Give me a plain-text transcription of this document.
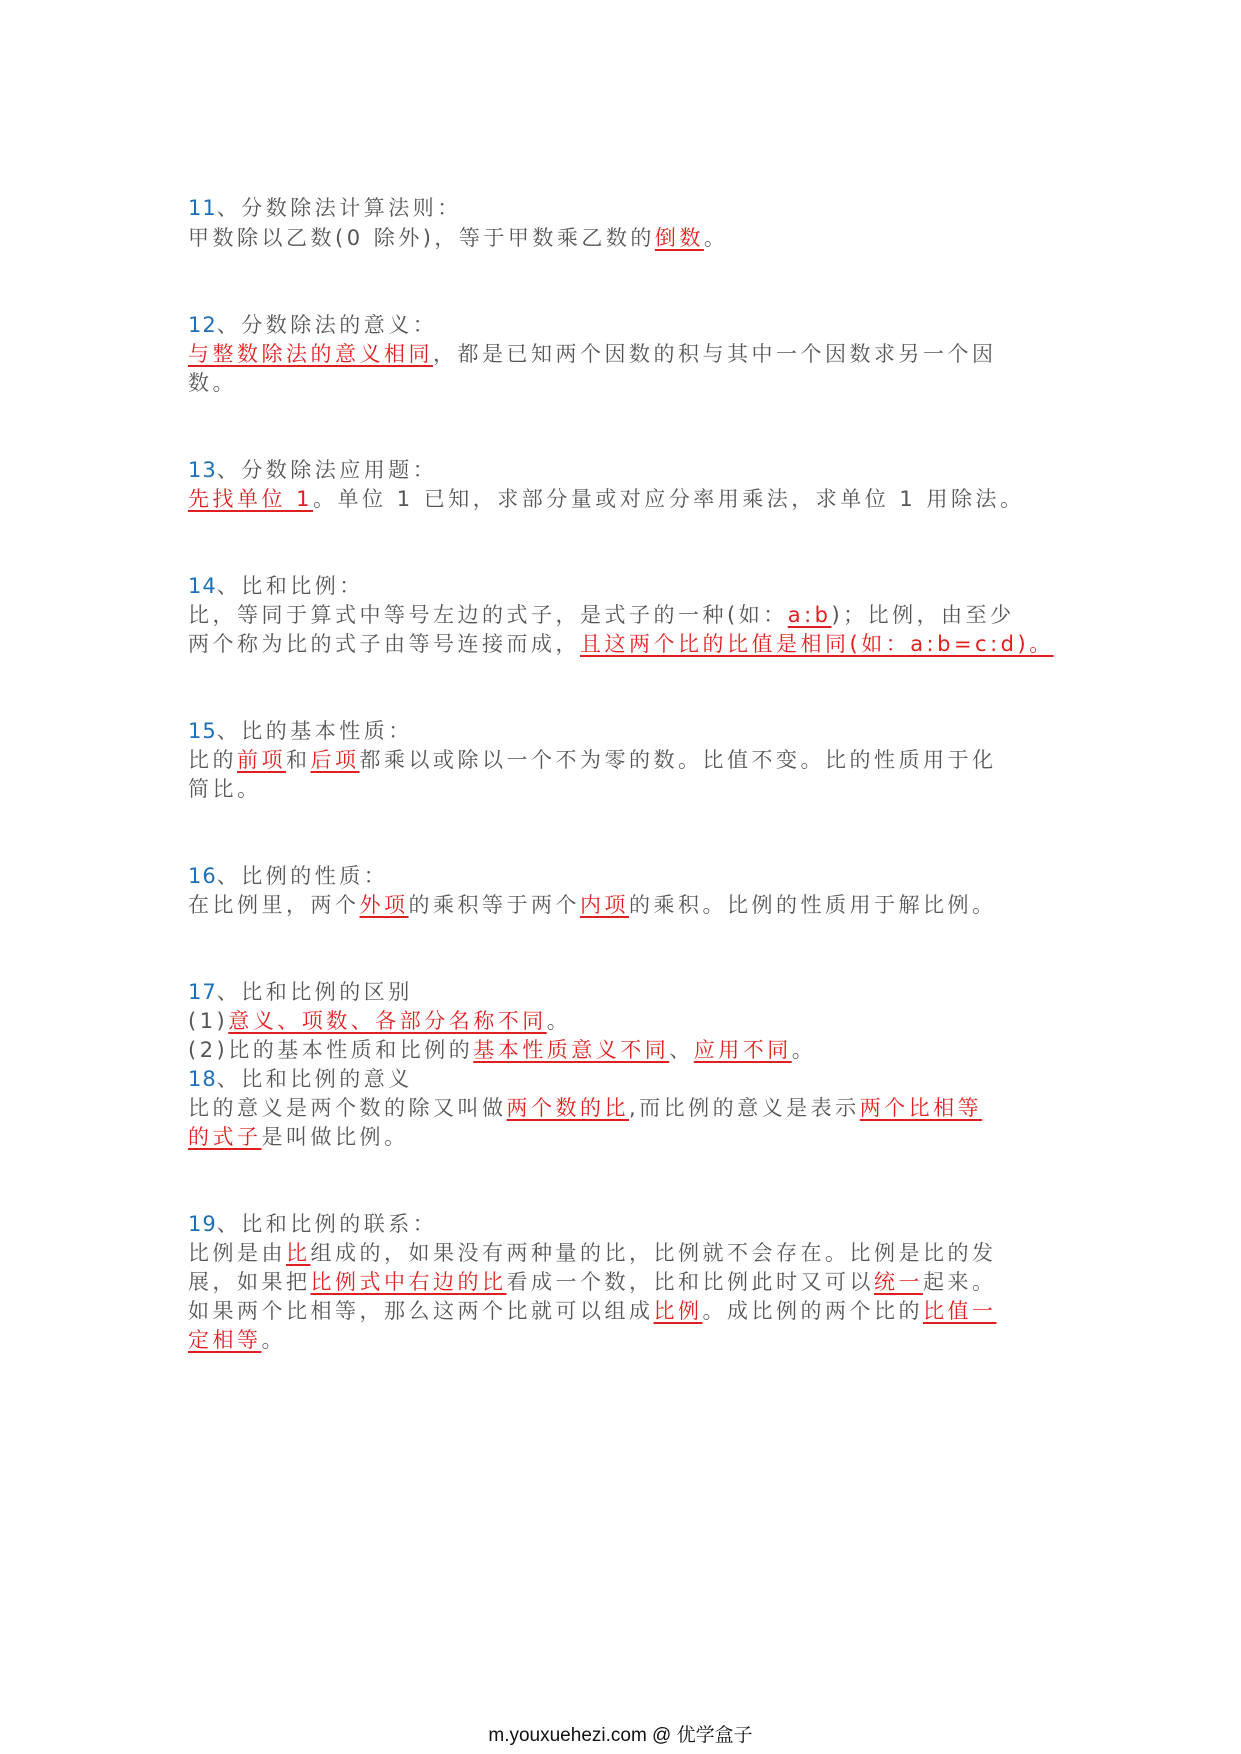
11、分数除法计算法则：
甲数除以乙数(0 除外)，等于甲数乘乙数的倒数。
12、分数除法的意义：
与整数除法的意义相同，都是已知两个因数的积与其中一个因数求另一个因
数。
13、分数除法应用题：
先找单位 1。单位 1 已知，求部分量或对应分率用乘法，求单位 1 用除法。
14、比和比例：
比，等同于算式中等号左边的式子，是式子的一种(如：a:b)；比例，由至少
两个称为比的式子由等号连接而成，且这两个比的比值是相同(如：a:b=c:d)。
15、比的基本性质：
比的前项和后项都乘以或除以一个不为零的数。比值不变。比的性质用于化
简比。
16、比例的性质：
在比例里，两个外项的乘积等于两个内项的乘积。比例的性质用于解比例。
17、比和比例的区别
(1)意义、项数、各部分名称不同。
(2)比的基本性质和比例的基本性质意义不同、应用不同。
18、比和比例的意义
比的意义是两个数的除又叫做两个数的比,而比例的意义是表示两个比相等
的式子是叫做比例。
19、比和比例的联系：
比例是由比组成的，如果没有两种量的比，比例就不会存在。比例是比的发
展，如果把比例式中右边的比看成一个数，比和比例此时又可以统一起来。
如果两个比相等，那么这两个比就可以组成比例。成比例的两个比的比值一
定相等。
m.youxuehezi.com @ 优学盒子
